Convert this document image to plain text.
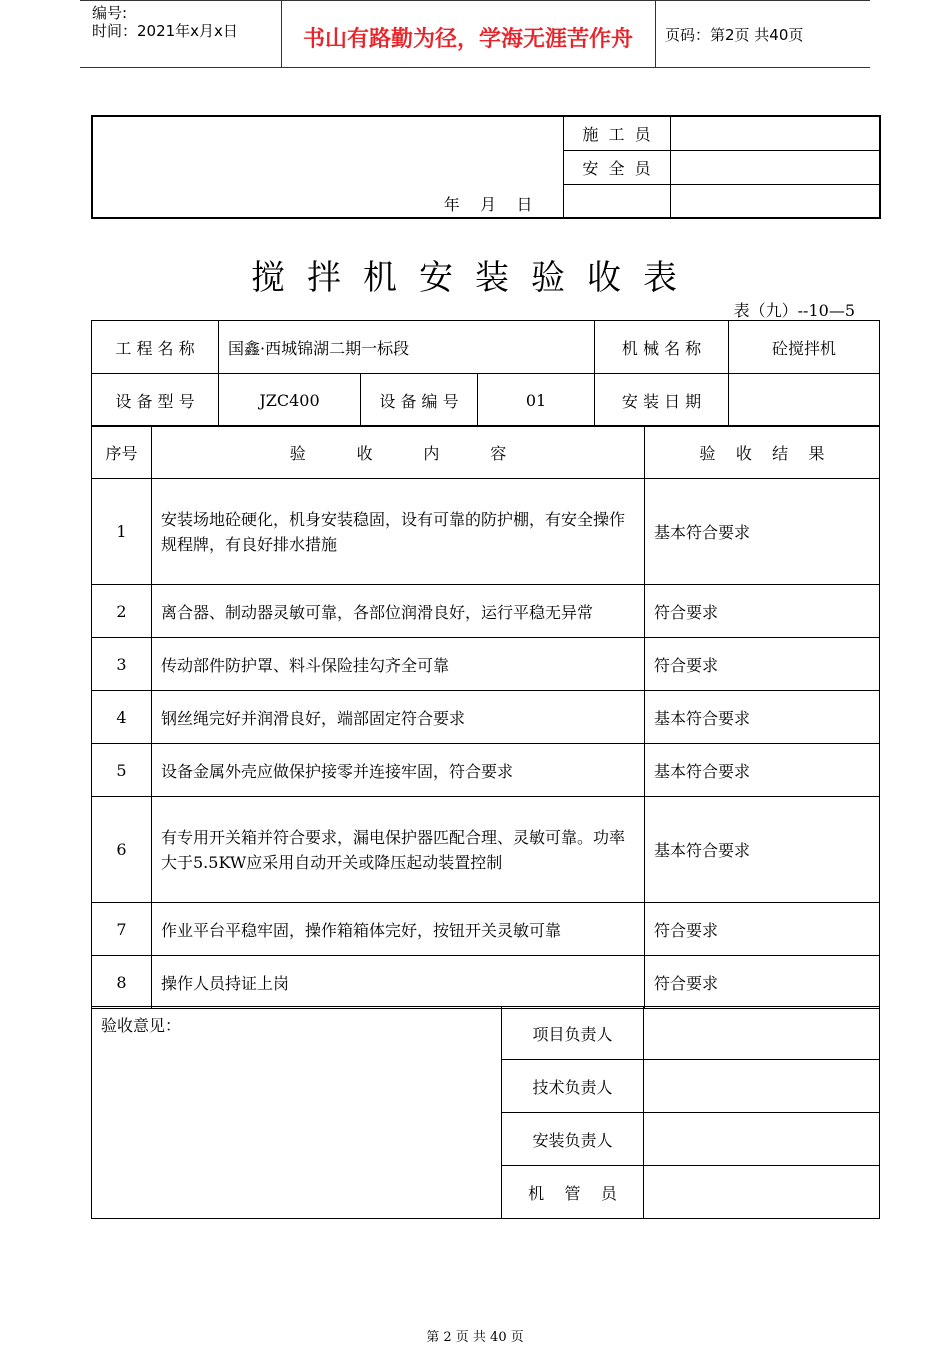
编号:
时间：2021年x月x日	书山有路勤为径，学海无涯苦作舟	页码：第2页 共40页
年    月    日	施  工  员	
	安  全  员	

搅拌机安装验收表
表（九）--10—5
工 程 名 称	国鑫·西城锦湖二期一标段			机 械 名 称	砼搅拌机
设 备 型 号	JZC400	设 备 编 号	01	安 装 日 期	
序号	验          收          内          容	验    收    结    果
1	安装场地砼硬化，机身安装稳固，设有可靠的防护棚，有安全操作规程牌，有良好排水措施	基本符合要求
2	离合器、制动器灵敏可靠，各部位润滑良好，运行平稳无异常	符合要求
3	传动部件防护罩、料斗保险挂勾齐全可靠	符合要求
4	钢丝绳完好并润滑良好，端部固定符合要求	基本符合要求
5	设备金属外壳应做保护接零并连接牢固，符合要求	基本符合要求
6	有专用开关箱并符合要求，漏电保护器匹配合理、灵敏可靠。功率大于5.5KW应采用自动开关或降压起动装置控制	基本符合要求
7	作业平台平稳牢固，操作箱箱体完好，按钮开关灵敏可靠	符合要求
8	操作人员持证上岗	符合要求
验收意见：	项目负责人	
	技术负责人	
	安装负责人	
	机    管    员	
第 2 页 共 40 页
